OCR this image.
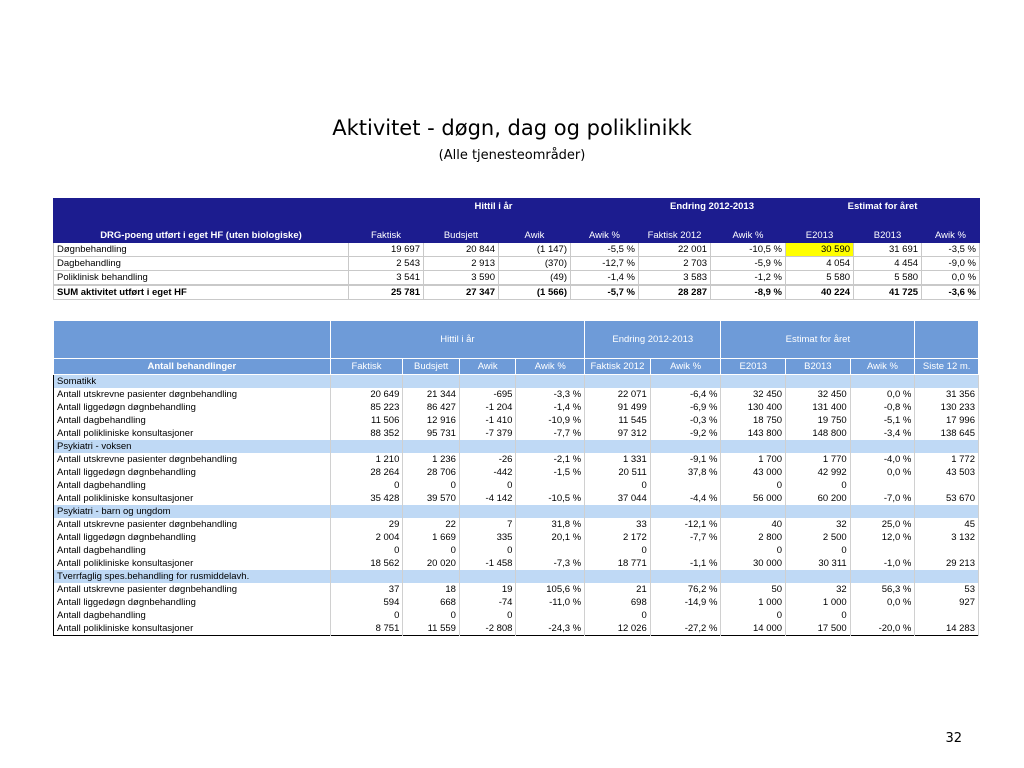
Aktivitet - døgn, dag og poliklinikk
(Alle tjenesteområder)
	Hittil i år				Endring 2012-2013		Estimat for året		
DRG-poeng utført i eget HF (uten biologiske)	Faktisk	Budsjett	Awik	Awik %	Faktisk 2012	Awik %	E2013	B2013	Awik %
Døgnbehandling	19 697	20 844	(1 147)	-5,5 %	22 001	-10,5 %	30 590	31 691	-3,5 %
Dagbehandling	2 543	2 913	(370)	-12,7 %	2 703	-5,9 %	4 054	4 454	-9,0 %
Poliklinisk behandling	3 541	3 590	(49)	-1,4 %	3 583	-1,2 %	5 580	5 580	0,0 %
SUM aktivitet utført i eget HF	25 781	27 347	(1 566)	-5,7 %	28 287	-8,9 %	40 224	41 725	-3,6 %
	Hittil i år				Endring 2012-2013		Estimat for året			
Antall behandlinger	Faktisk	Budsjett	Awik	Awik %	Faktisk 2012	Awik %	E2013	B2013	Awik %	Siste 12 m.
Somatikk										
Antall utskrevne pasienter døgnbehandling	20 649	21 344	-695	-3,3 %	22 071	-6,4 %	32 450	32 450	0,0 %	31 356
Antall liggedøgn døgnbehandling	85 223	86 427	-1 204	-1,4 %	91 499	-6,9 %	130 400	131 400	-0,8 %	130 233
Antall dagbehandling	11 506	12 916	-1 410	-10,9 %	11 545	-0,3 %	18 750	19 750	-5,1 %	17 996
Antall polikliniske konsultasjoner	88 352	95 731	-7 379	-7,7 %	97 312	-9,2 %	143 800	148 800	-3,4 %	138 645
Psykiatri - voksen										
Antall utskrevne pasienter døgnbehandling	1 210	1 236	-26	-2,1 %	1 331	-9,1 %	1 700	1 770	-4,0 %	1 772
Antall liggedøgn døgnbehandling	28 264	28 706	-442	-1,5 %	20 511	37,8 %	43 000	42 992	0,0 %	43 503
Antall dagbehandling	0	0	0		0		0	0		
Antall polikliniske konsultasjoner	35 428	39 570	-4 142	-10,5 %	37 044	-4,4 %	56 000	60 200	-7,0 %	53 670
Psykiatri - barn og ungdom										
Antall utskrevne pasienter døgnbehandling	29	22	7	31,8 %	33	-12,1 %	40	32	25,0 %	45
Antall liggedøgn døgnbehandling	2 004	1 669	335	20,1 %	2 172	-7,7 %	2 800	2 500	12,0 %	3 132
Antall dagbehandling	0	0	0		0		0	0		
Antall polikliniske konsultasjoner	18 562	20 020	-1 458	-7,3 %	18 771	-1,1 %	30 000	30 311	-1,0 %	29 213
Tverrfaglig spes.behandling for rusmiddelavh.										
Antall utskrevne pasienter døgnbehandling	37	18	19	105,6 %	21	76,2 %	50	32	56,3 %	53
Antall liggedøgn døgnbehandling	594	668	-74	-11,0 %	698	-14,9 %	1 000	1 000	0,0 %	927
Antall dagbehandling	0	0	0		0		0	0		
Antall polikliniske konsultasjoner	8 751	11 559	-2 808	-24,3 %	12 026	-27,2 %	14 000	17 500	-20,0 %	14 283
32
